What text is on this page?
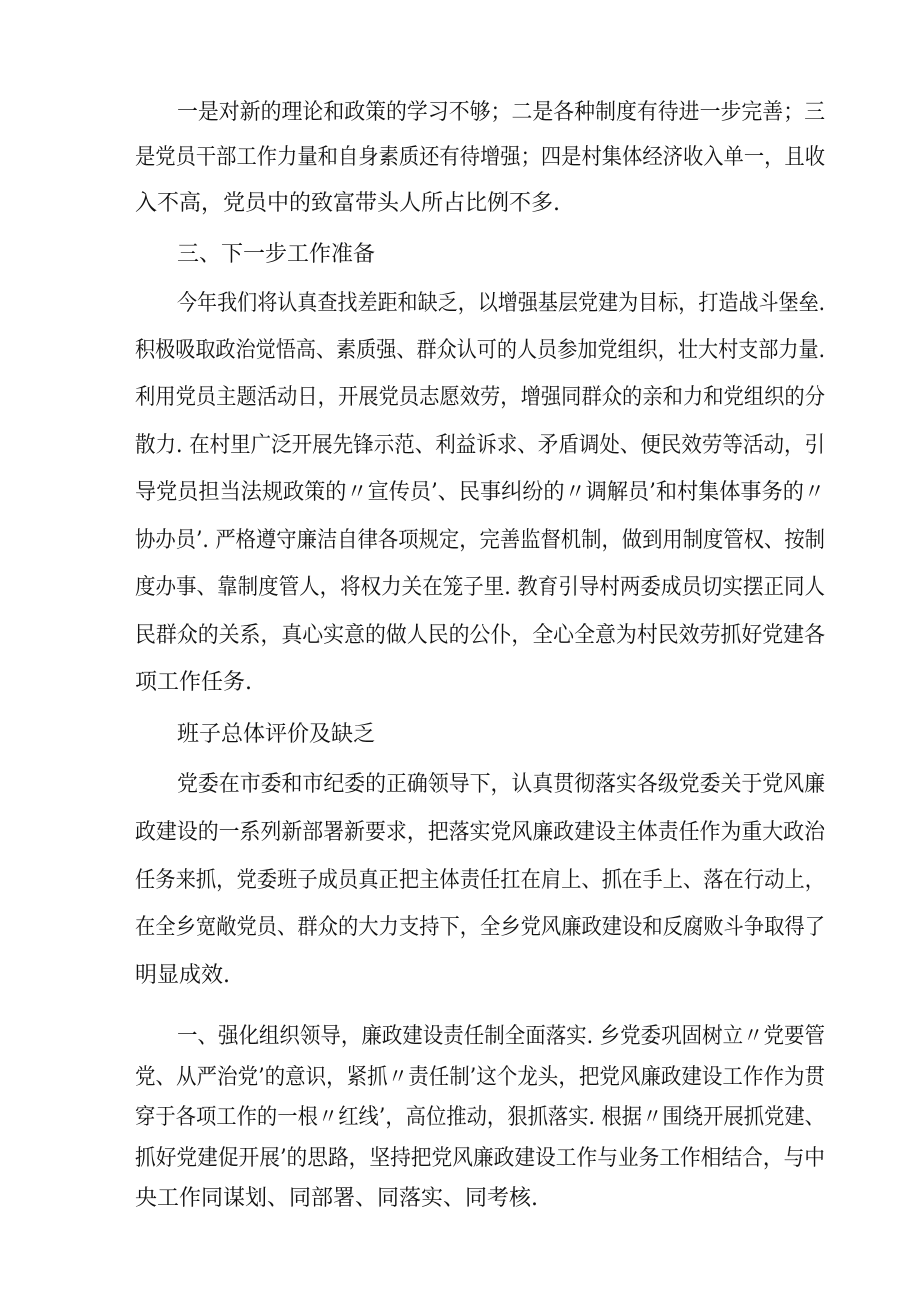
一是对新的理论和政策的学习不够；二是各种制度有待进一步完善；三
是党员干部工作力量和自身素质还有待增强；四是村集体经济收入单一，且收
入不高，党员中的致富带头人所占比例不多.
三、下一步工作准备
今年我们将认真查找差距和缺乏，以增强基层党建为目标，打造战斗堡垒.
积极吸取政治觉悟高、素质强、群众认可的人员参加党组织，壮大村支部力量.
利用党员主题活动日，开展党员志愿效劳，增强同群众的亲和力和党组织的分
散力. 在村里广泛开展先锋示范、利益诉求、矛盾调处、便民效劳等活动，引
导党员担当法规政策的〃宣传员’、民事纠纷的〃调解员’和村集体事务的〃
协办员’. 严格遵守廉洁自律各项规定，完善监督机制，做到用制度管权、按制
度办事、靠制度管人，将权力关在笼子里. 教育引导村两委成员切实摆正同人
民群众的关系，真心实意的做人民的公仆，全心全意为村民效劳抓好党建各
项工作任务.
班子总体评价及缺乏
党委在市委和市纪委的正确领导下，认真贯彻落实各级党委关于党风廉
政建设的一系列新部署新要求，把落实党风廉政建设主体责任作为重大政治
任务来抓，党委班子成员真正把主体责任扛在肩上、抓在手上、落在行动上，
在全乡宽敞党员、群众的大力支持下，全乡党风廉政建设和反腐败斗争取得了
明显成效.
一、强化组织领导，廉政建设责任制全面落实. 乡党委巩固树立〃党要管
党、从严治党’的意识，紧抓〃责任制’这个龙头，把党风廉政建设工作作为贯
穿于各项工作的一根〃红线’，高位推动，狠抓落实. 根据〃围绕开展抓党建、
抓好党建促开展’的思路，坚持把党风廉政建设工作与业务工作相结合，与中
央工作同谋划、同部署、同落实、同考核.
